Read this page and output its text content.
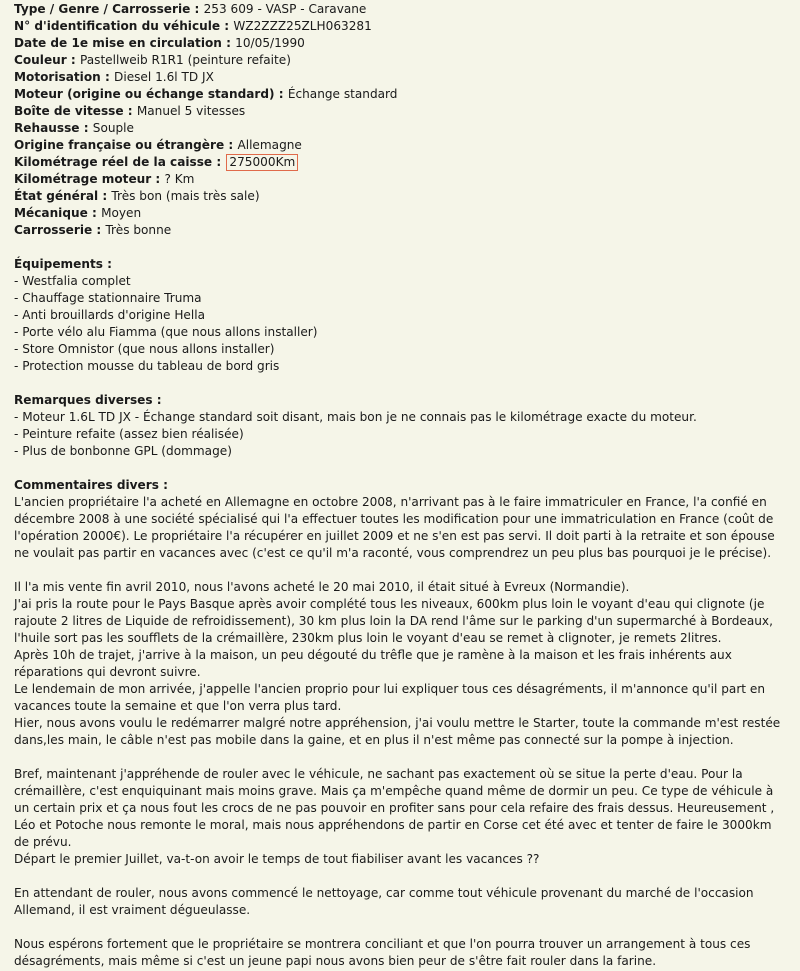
Type / Genre / Carrosserie : 253 609 - VASP - Caravane
N° d'identification du véhicule : WZ2ZZZ25ZLH063281
Date de 1e mise en circulation : 10/05/1990
Couleur : Pastellweib R1R1 (peinture refaite)
Motorisation : Diesel 1.6l TD JX
Moteur (origine ou échange standard) : Échange standard
Boîte de vitesse : Manuel 5 vitesses
Rehausse : Souple
Origine française ou étrangère : Allemagne
Kilométrage réel de la caisse : 275000Km
Kilométrage moteur : ? Km
État général : Très bon (mais très sale)
Mécanique : Moyen
Carrosserie : Très bonne
Équipements :
- Westfalia complet
- Chauffage stationnaire Truma
- Anti brouillards d'origine Hella
- Porte vélo alu Fiamma (que nous allons installer)
- Store Omnistor (que nous allons installer)
- Protection mousse du tableau de bord gris
Remarques diverses :
- Moteur 1.6L TD JX - Échange standard soit disant, mais bon je ne connais pas le kilométrage exacte du moteur.
- Peinture refaite (assez bien réalisée)
- Plus de bonbonne GPL (dommage)
Commentaires divers :
L'ancien propriétaire l'a acheté en Allemagne en octobre 2008, n'arrivant pas à le faire immatriculer en France, l'a confié en décembre 2008 à une société spécialisé qui l'a effectuer toutes les modification pour une immatriculation en France (coût de l'opération 2000€). Le propriétaire l'a récupérer en juillet 2009 et ne s'en est pas servi. Il doit parti à la retraite et son épouse ne voulait pas partir en vacances avec (c'est ce qu'il m'a raconté, vous comprendrez un peu plus bas pourquoi je le précise).
Il l'a mis vente fin avril 2010, nous l'avons acheté le 20 mai 2010, il était situé à Evreux (Normandie).
J'ai pris la route pour le Pays Basque après avoir complété tous les niveaux, 600km plus loin le voyant d'eau qui clignote (je rajoute 2 litres de Liquide de refroidissement), 30 km plus loin la DA rend l'âme sur le parking d'un supermarché à Bordeaux, l'huile sort pas les soufflets de la crémaillère, 230km plus loin le voyant d'eau se remet à clignoter, je remets 2litres.
Après 10h de trajet, j'arrive à la maison, un peu dégouté du trêfle que je ramène à la maison et les frais inhérents aux réparations qui devront suivre.
Le lendemain de mon arrivée, j'appelle l'ancien proprio pour lui expliquer tous ces désagréments, il m'annonce qu'il part en vacances toute la semaine et que l'on verra plus tard.
Hier, nous avons voulu le redémarrer malgré notre appréhension, j'ai voulu mettre le Starter, toute la commande m'est restée dans,les main, le câble n'est pas mobile dans la gaine, et en plus il n'est même pas connecté sur la pompe à injection.
Bref, maintenant j'appréhende de rouler avec le véhicule, ne sachant pas exactement où se situe la perte d'eau. Pour la crémaillère, c'est enquiquinant mais moins grave. Mais ça m'empêche quand même de dormir un peu. Ce type de véhicule à un certain prix et ça nous fout les crocs de ne pas pouvoir en profiter sans pour cela refaire des frais dessus. Heureusement , Léo et Potoche nous remonte le moral, mais nous appréhendons de partir en Corse cet été avec et tenter de faire le 3000km de prévu.
Départ le premier Juillet, va-t-on avoir le temps de tout fiabiliser avant les vacances ??
En attendant de rouler, nous avons commencé le nettoyage, car comme tout véhicule provenant du marché de l'occasion Allemand, il est vraiment dégueulasse.
Nous espérons fortement que le propriétaire se montrera conciliant et que l'on pourra trouver un arrangement à tous ces désagréments, mais même si c'est un jeune papi nous avons bien peur de s'être fait rouler dans la farine.
